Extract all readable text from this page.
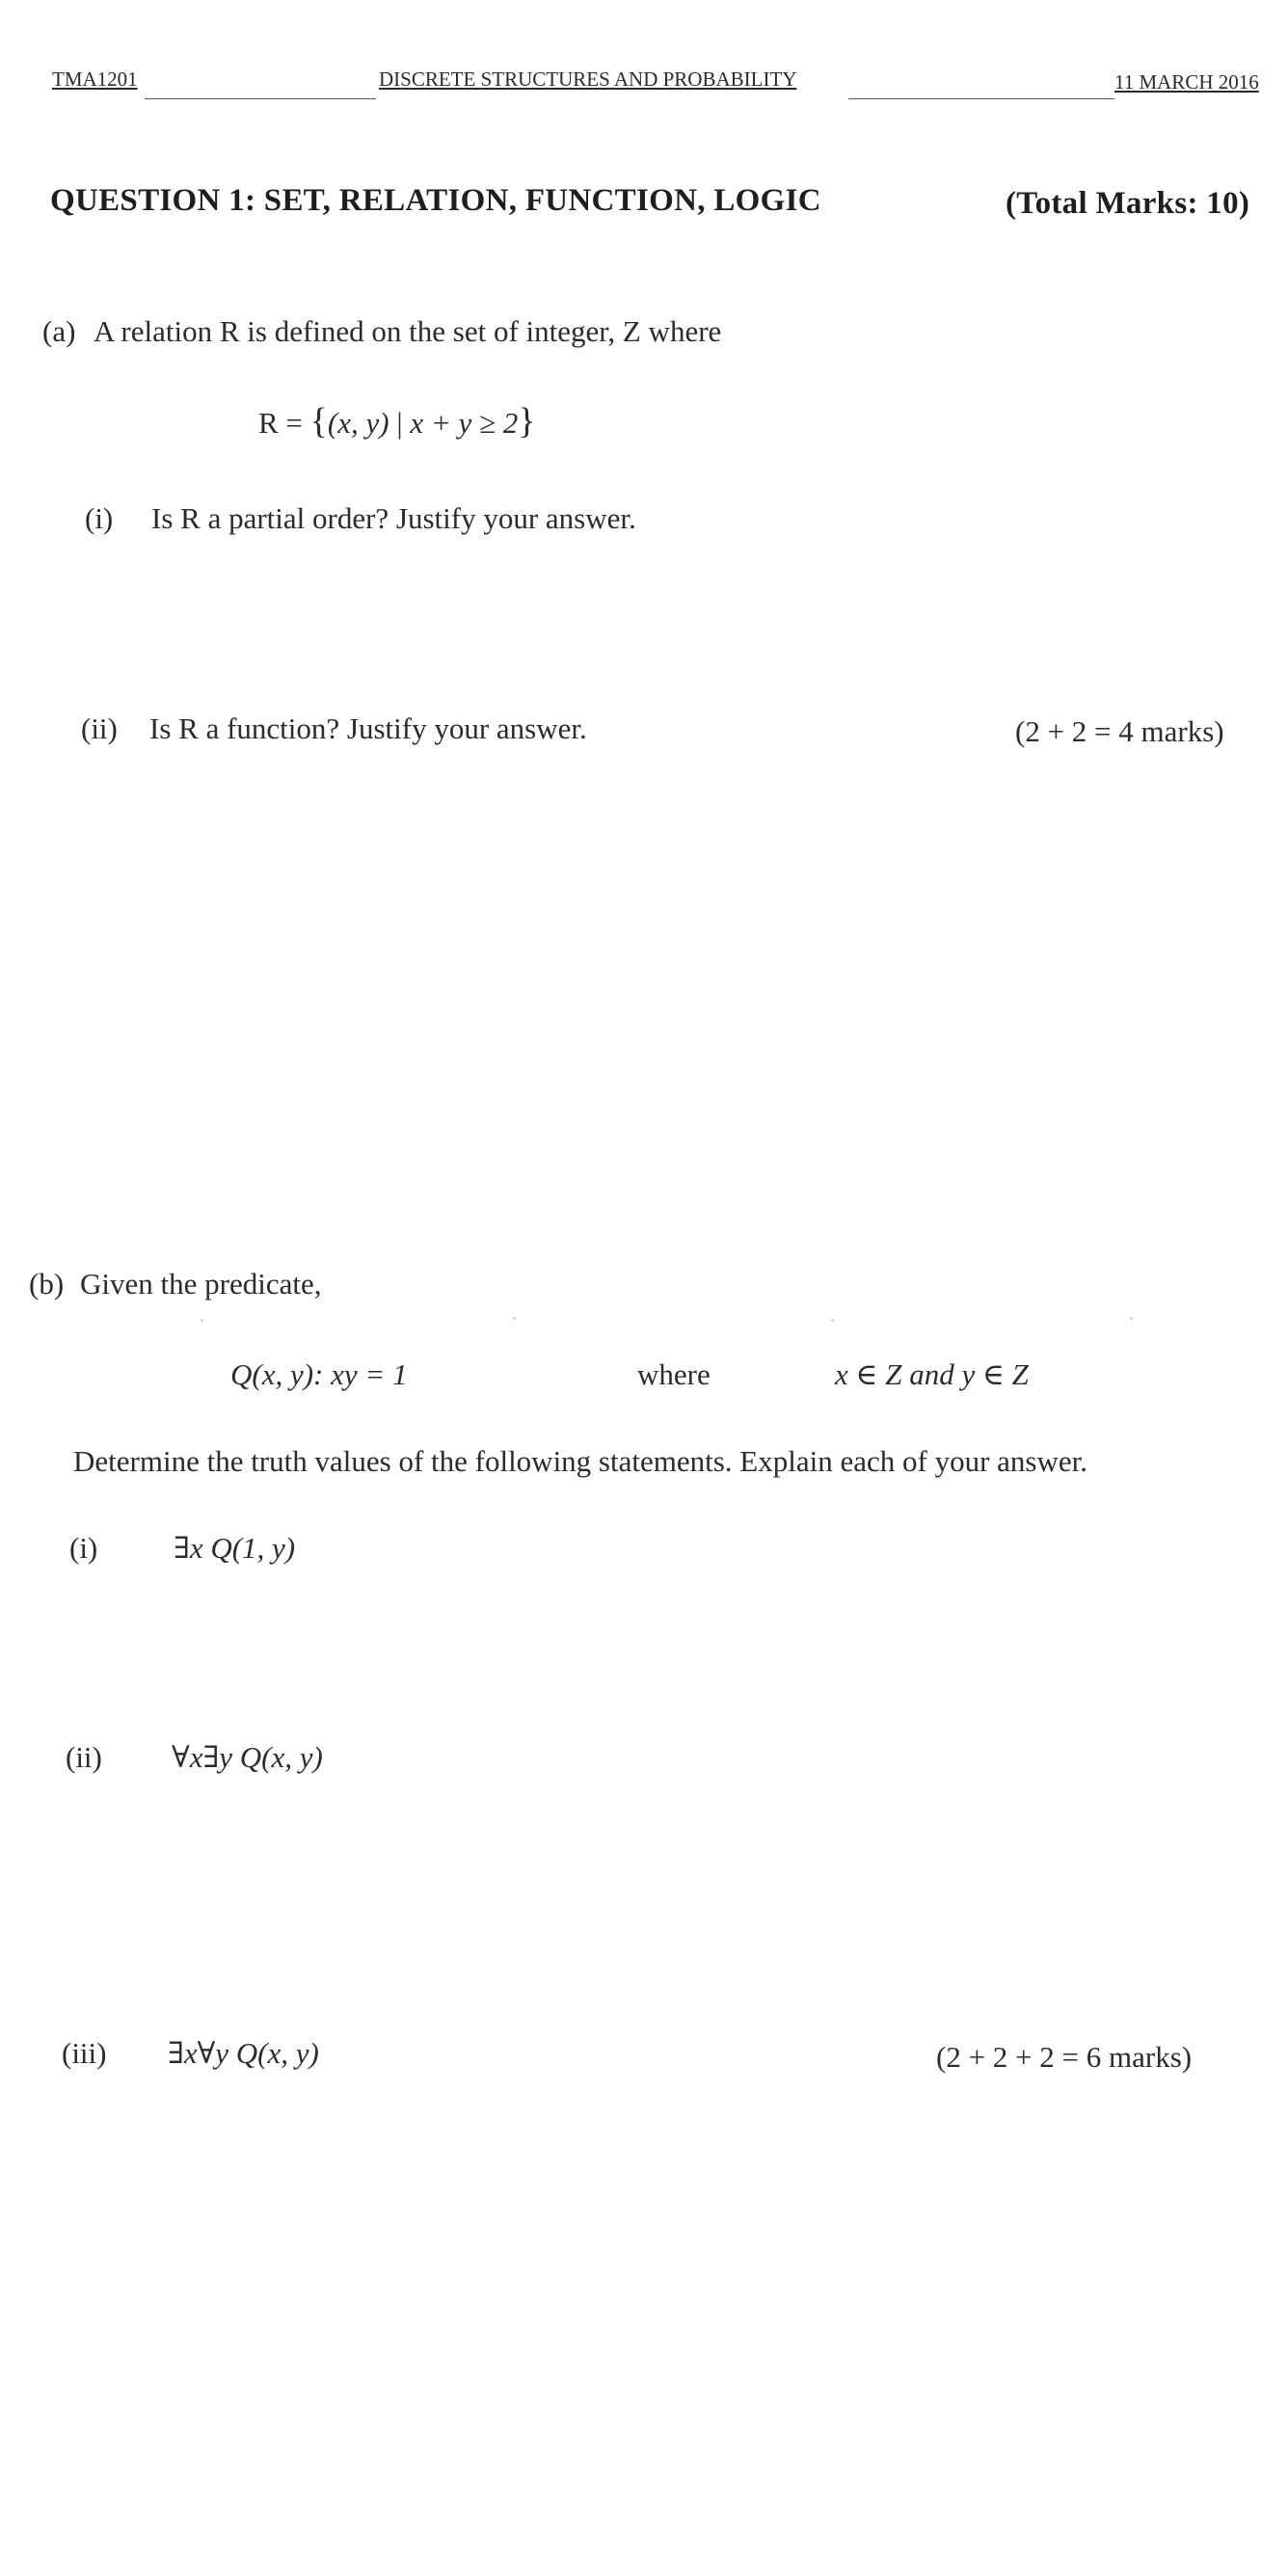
TMA1201	DISCRETE STRUCTURES AND PROBABILITY	11 MARCH 2016
QUESTION 1: SET, RELATION, FUNCTION, LOGIC	(Total Marks: 10)
(a) A relation R is defined on the set of integer, Z where
R = {(x, y) | x + y ≥ 2}
(i) Is R a partial order? Justify your answer.
(ii) Is R a function? Justify your answer.	(2 + 2 = 4 marks)
(b) Given the predicate,
Q(x, y): xy = 1	where	x ∈ Z and y ∈ Z
Determine the truth values of the following statements. Explain each of your answer.
(i)	∃x Q(1, y)
(ii) ∀x∃y Q(x, y)
(iii) ∃x∀y Q(x, y)	(2 + 2 + 2 = 6 marks)
